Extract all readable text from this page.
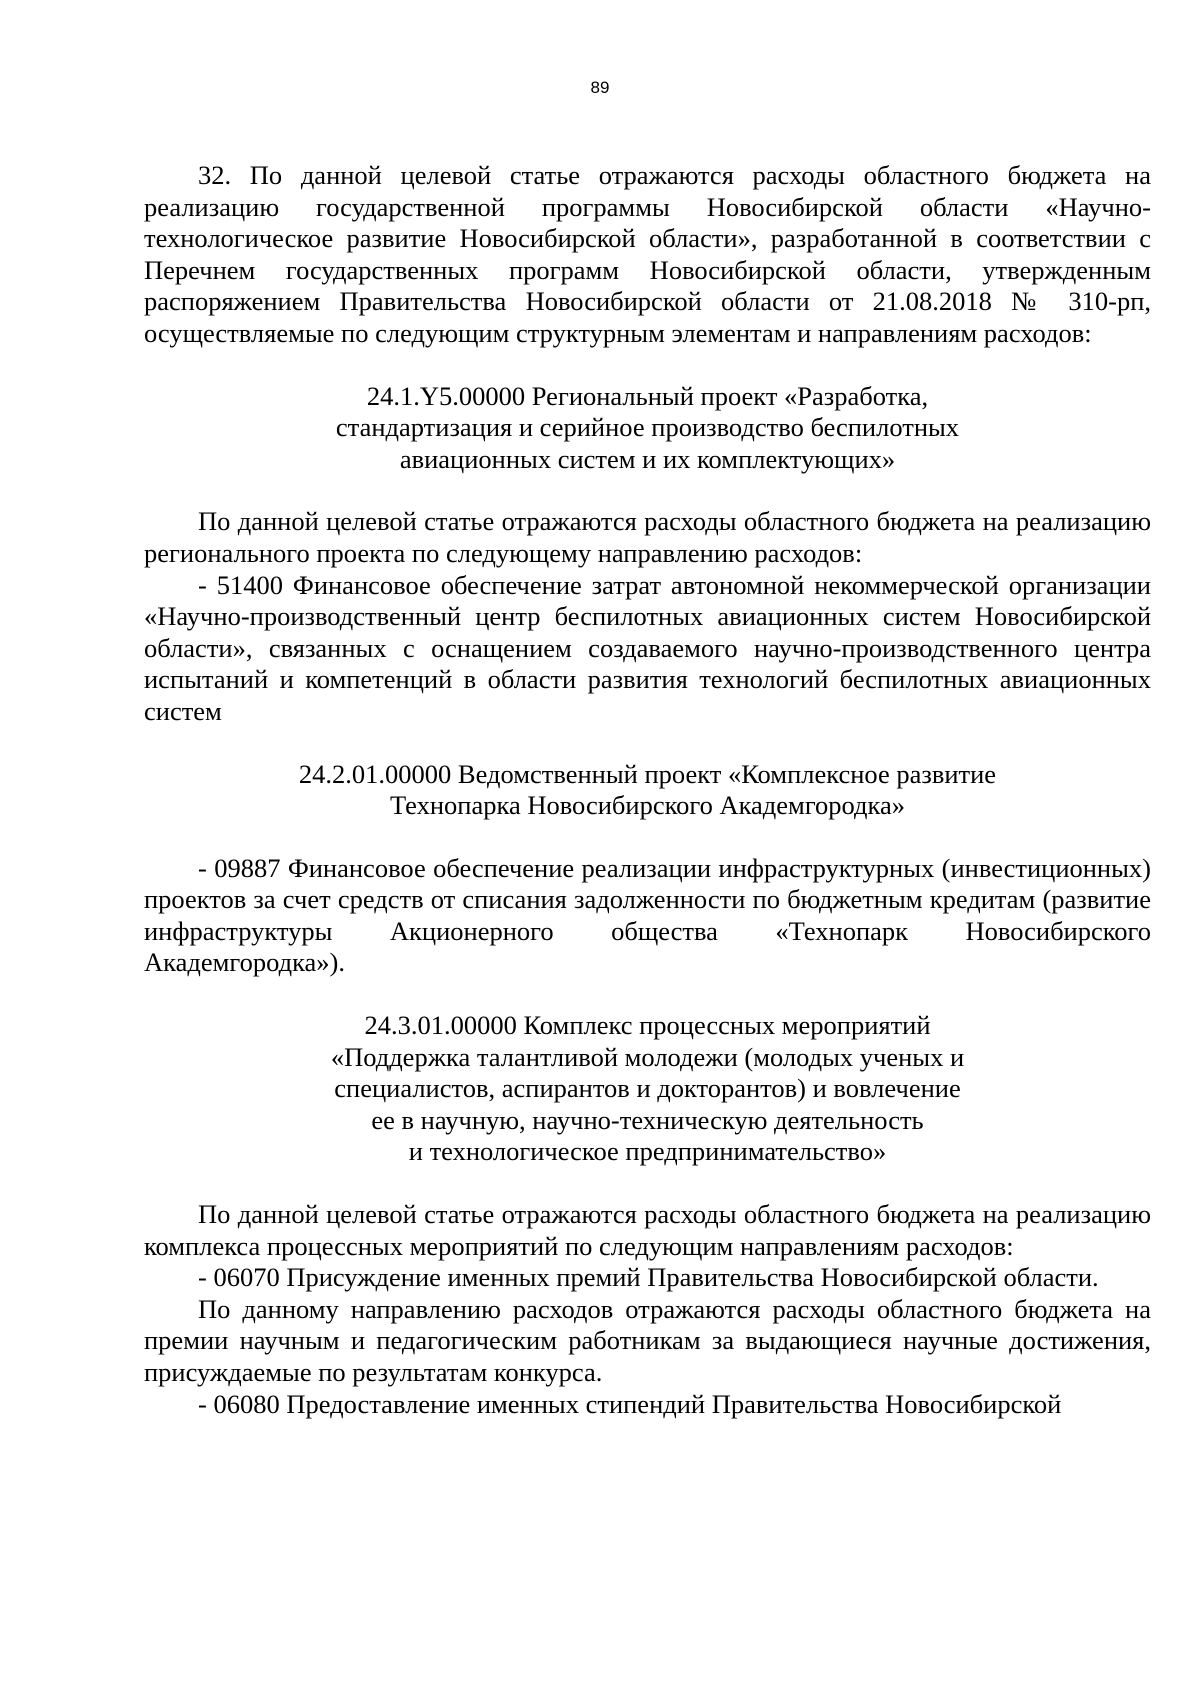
89

32. По данной целевой статье отражаются расходы областного бюджета на реализацию государственной программы Новосибирской области «Научно-технологическое развитие Новосибирской области», разработанной в соответствии с Перечнем государственных программ Новосибирской области, утвержденным распоряжением Правительства Новосибирской области от 21.08.2018 № 310-рп, осуществляемые по следующим структурным элементам и направлениям расходов:

24.1.Y5.00000 Региональный проект «Разработка,
стандартизация и серийное производство беспилотных
авиационных систем и их комплектующих»

По данной целевой статье отражаются расходы областного бюджета на реализацию регионального проекта по следующему направлению расходов:

- 51400 Финансовое обеспечение затрат автономной некоммерческой организации «Научно-производственный центр беспилотных авиационных систем Новосибирской области», связанных с оснащением создаваемого научно-производственного центра испытаний и компетенций в области развития технологий беспилотных авиационных систем

24.2.01.00000 Ведомственный проект «Комплексное развитие
Технопарка Новосибирского Академгородка»

- 09887 Финансовое обеспечение реализации инфраструктурных (инвестиционных) проектов за счет средств от списания задолженности по бюджетным кредитам (развитие инфраструктуры Акционерного общества «Технопарк Новосибирского Академгородка»).

24.3.01.00000 Комплекс процессных мероприятий
«Поддержка талантливой молодежи (молодых ученых и
специалистов, аспирантов и докторантов) и вовлечение
ее в научную, научно-техническую деятельность
и технологическое предпринимательство»

По данной целевой статье отражаются расходы областного бюджета на реализацию комплекса процессных мероприятий по следующим направлениям расходов:

- 06070 Присуждение именных премий Правительства Новосибирской области.

По данному направлению расходов отражаются расходы областного бюджета на премии научным и педагогическим работникам за выдающиеся научные достижения, присуждаемые по результатам конкурса.

- 06080 Предоставление именных стипендий Правительства Новосибирской
